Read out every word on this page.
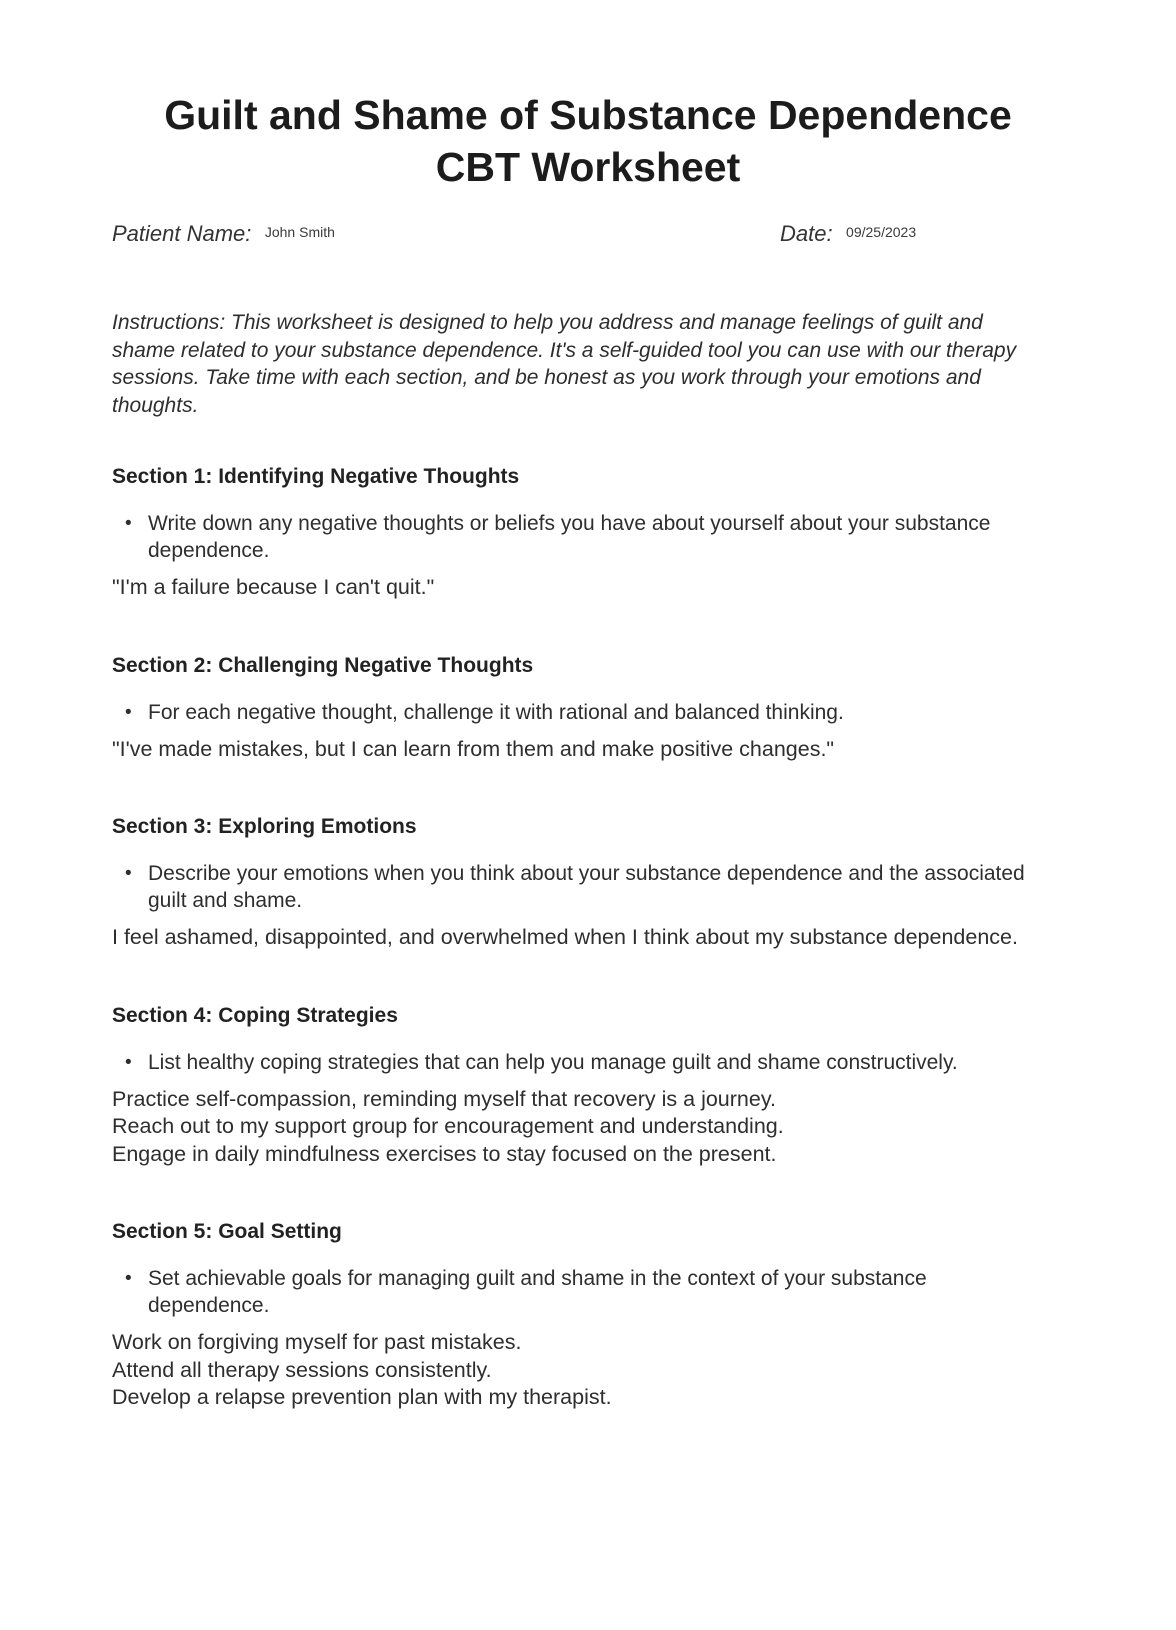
Guilt and Shame of Substance Dependence
CBT Worksheet
Patient Name: John Smith	Date: 09/25/2023

Instructions: This worksheet is designed to help you address and manage feelings of guilt and shame related to your substance dependence. It's a self-guided tool you can use with our therapy sessions. Take time with each section, and be honest as you work through your emotions and thoughts.

Section 1: Identifying Negative Thoughts
• Write down any negative thoughts or beliefs you have about yourself about your substance dependence.
"I'm a failure because I can't quit."
Section 2: Challenging Negative Thoughts
• For each negative thought, challenge it with rational and balanced thinking.
"I've made mistakes, but I can learn from them and make positive changes."
Section 3: Exploring Emotions
• Describe your emotions when you think about your substance dependence and the associated guilt and shame.
I feel ashamed, disappointed, and overwhelmed when I think about my substance dependence.
Section 4: Coping Strategies
• List healthy coping strategies that can help you manage guilt and shame constructively.
Practice self-compassion, reminding myself that recovery is a journey.
Reach out to my support group for encouragement and understanding.
Engage in daily mindfulness exercises to stay focused on the present.
Section 5: Goal Setting
• Set achievable goals for managing guilt and shame in the context of your substance dependence.
Work on forgiving myself for past mistakes.
Attend all therapy sessions consistently.
Develop a relapse prevention plan with my therapist.
